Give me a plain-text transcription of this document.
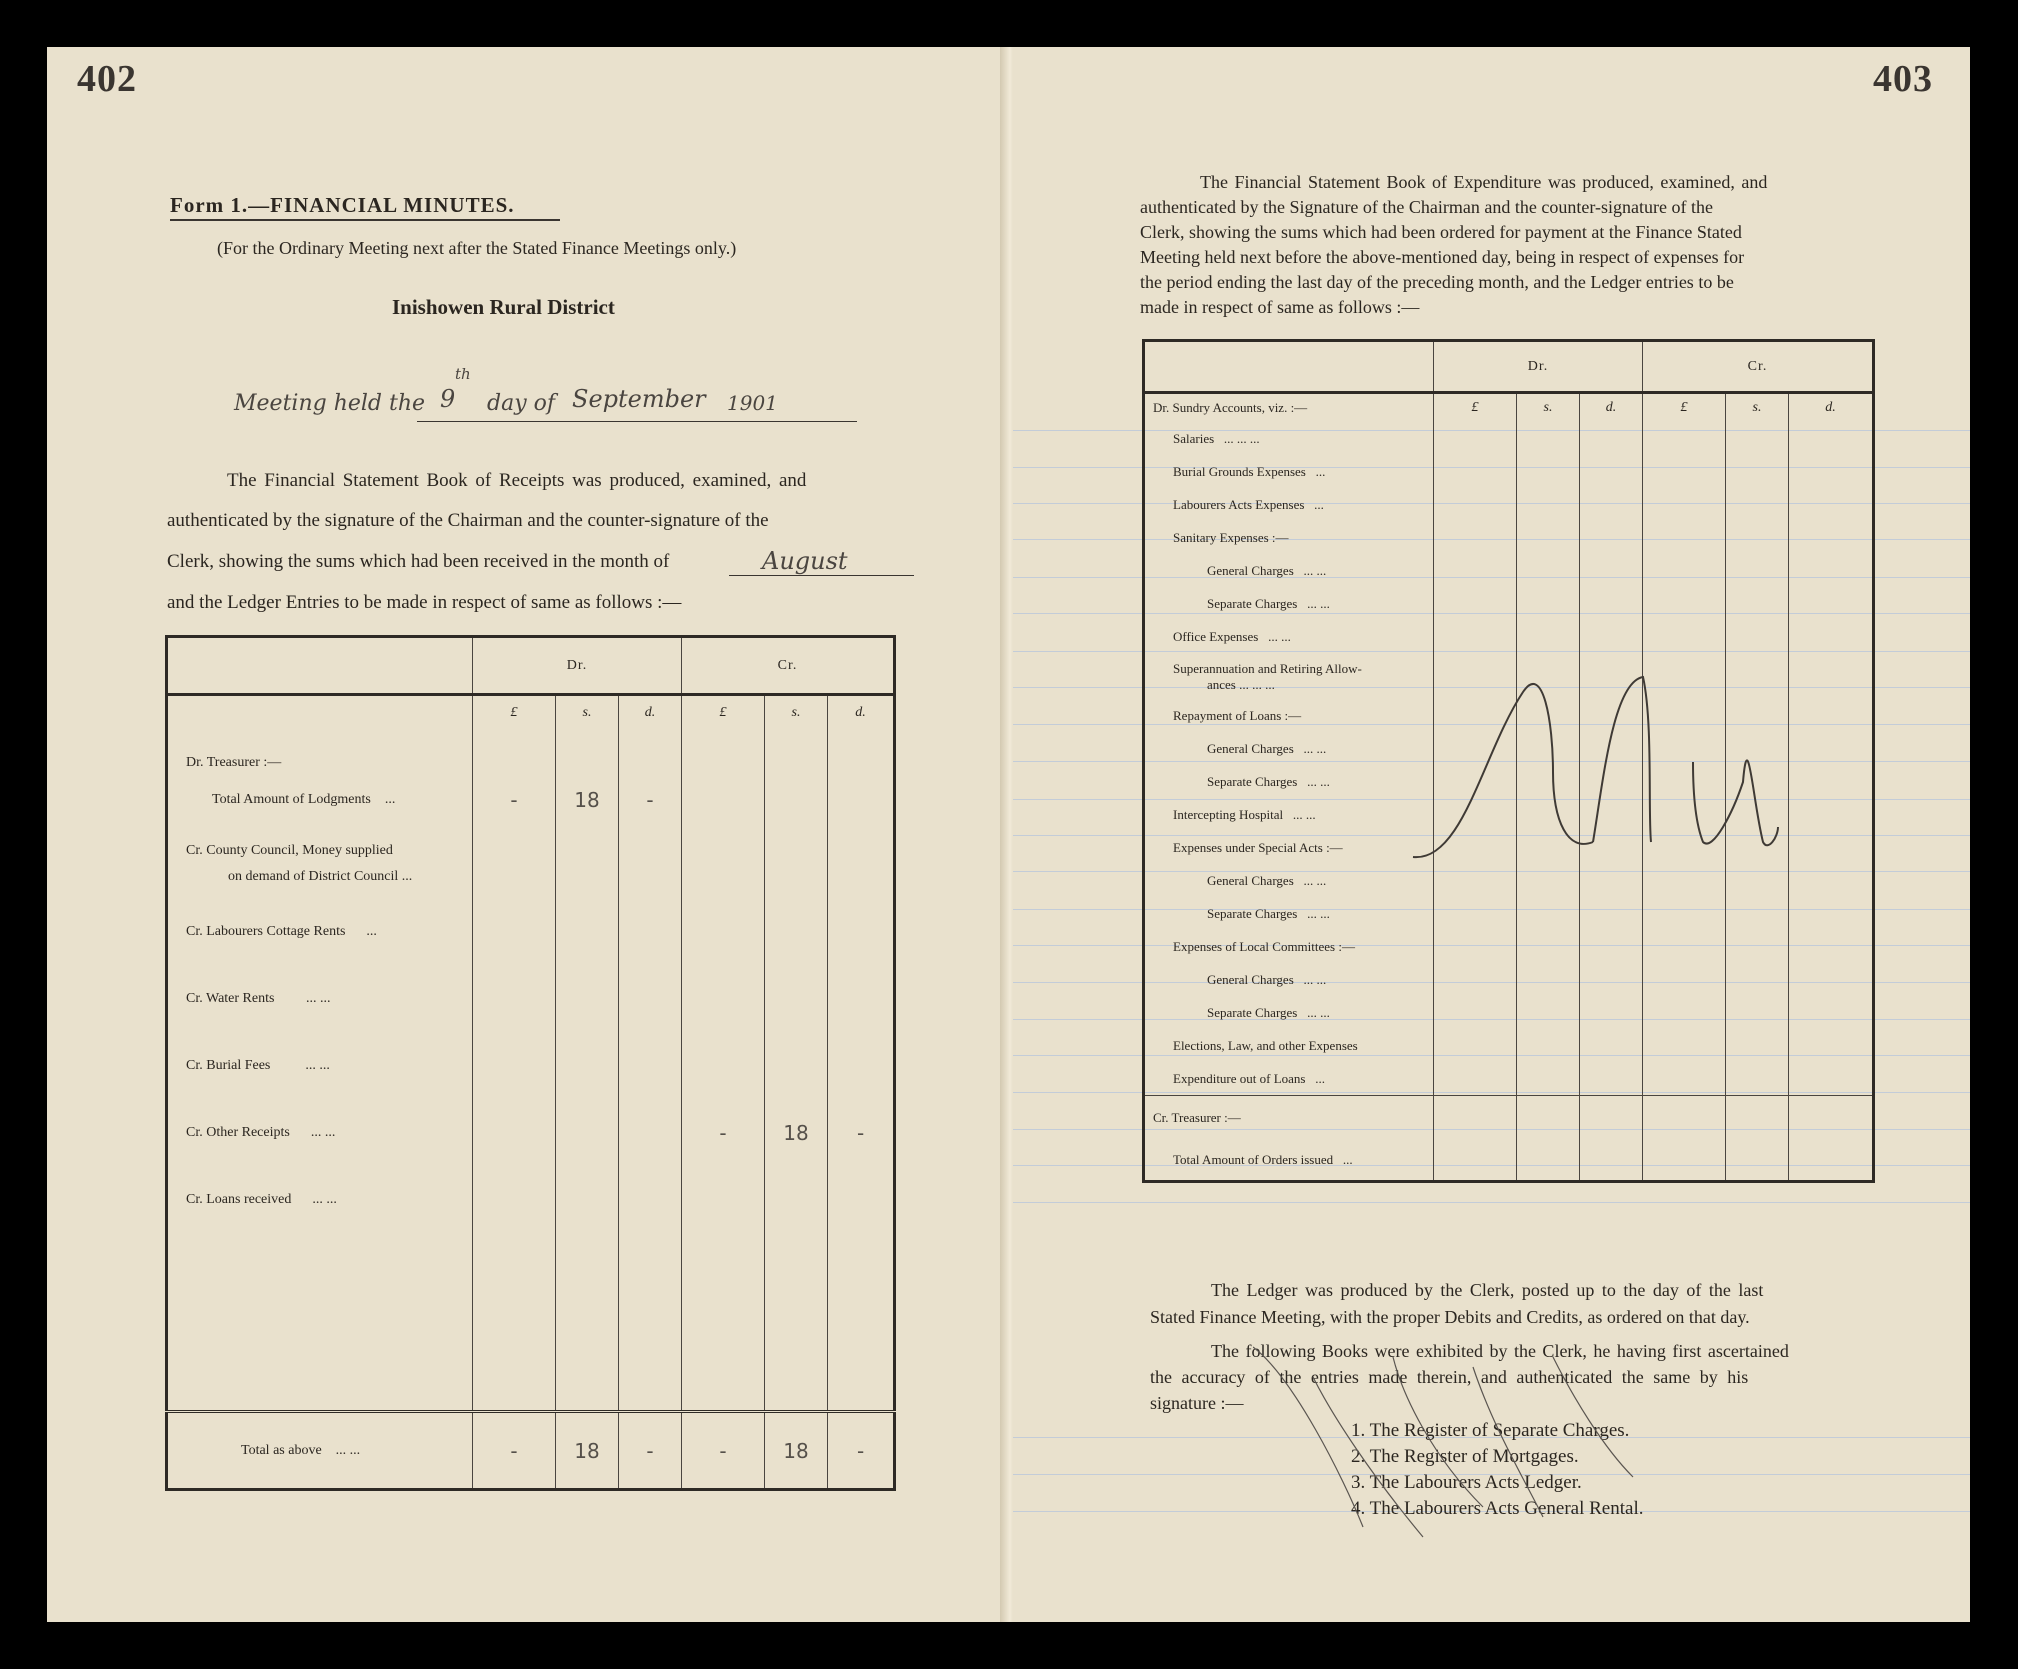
402
Form 1.—FINANCIAL MINUTES.
(For the Ordinary Meeting next after the Stated Finance Meetings only.)
Inishowen Rural District
Meeting held the 9
th
day of September 1901
The Financial Statement Book of Receipts was produced, examined, and
authenticated by the signature of the Chairman and the counter-signature of the
Clerk, showing the sums which had been received in the month of	August
and the Ledger Entries to be made in respect of same as follows :—
	Dr.			Cr.		
	£	s.	d.	£	s.	d.
Dr. Treasurer :—						
Total Amount of Lodgments ...	-	18	-			

Cr. County Council, Money supplied
on demand of District Council ...						

Cr. Labourers Cottage Rents ...						
Cr. Water Rents ... ...						
Cr. Burial Fees ... ...						
Cr. Other Receipts ... ...				-	18	-
Cr. Loans received ... ...						

Total as above ... ...	-	18	-	-	18	-
403
The Financial Statement Book of Expenditure was produced, examined, and
authenticated by the Signature of the Chairman and the counter-signature of the
Clerk, showing the sums which had been ordered for payment at the Finance Stated
Meeting held next before the above-mentioned day, being in respect of expenses for
the period ending the last day of the preceding month, and the Ledger entries to be
made in respect of same as follows :—
	Dr.			Cr.		
Dr. Sundry Accounts, viz. :—	£	s.	d.	£	s.	d.
Salaries ... ... ...						
Burial Grounds Expenses ...						
Labourers Acts Expenses ...						
Sanitary Expenses :—						
General Charges ... ...						
Separate Charges ... ...						
Office Expenses ... ...						
Superannuation and Retiring Allow-
ances ... ... ...						

Repayment of Loans :—						
General Charges ... ...						
Separate Charges ... ...						
Intercepting Hospital ... ...						
Expenses under Special Acts :—						
General Charges ... ...						
Separate Charges ... ...						
Expenses of Local Committees :—						
General Charges ... ...						
Separate Charges ... ...						
Elections, Law, and other Expenses						
Expenditure out of Loans ...						
Cr. Treasurer :—						
Total Amount of Orders issued ...						
Nil
The Ledger was produced by the Clerk, posted up to the day of the last
Stated Finance Meeting, with the proper Debits and Credits, as ordered on that day.
The following Books were exhibited by the Clerk, he having first ascertained
the accuracy of the entries made therein, and authenticated the same by his
signature :—
1. The Register of Separate Charges.
2. The Register of Mortgages.
3. The Labourers Acts Ledger.
4. The Labourers Acts General Rental.
